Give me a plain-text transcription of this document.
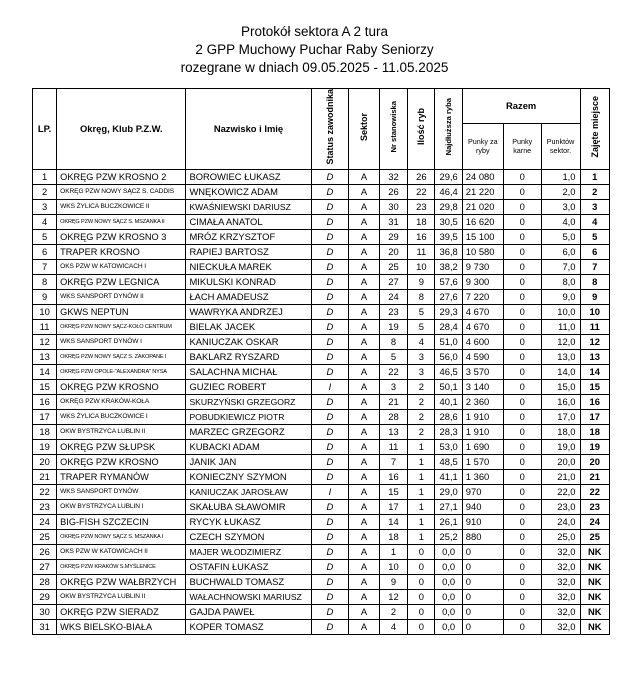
Protokół sektora A 2 tura
2 GPP Muchowy Puchar Raby Seniorzy
rozegrane w dniach 09.05.2025 - 11.05.2025
LP.	Okręg, Klub P.Z.W.	Nazwisko i Imię	Status zawodnika	Sektor	Nr stanowiska	Ilość ryb	Najdłuższa ryba	Razem			Zajęte miejsce
								Punky za ryby	Punky karne	Punktów sektor.	
1	OKRĘG PZW KROSNO 2	BOROWIEC ŁUKASZ	D	A	32	26	29,6	24 080	0	1,0	1
2	OKRĘG PZW NOWY SĄCZ S. CADDIS	WNĘKOWICZ ADAM	D	A	26	22	46,4	21 220	0	2,0	2
3	WKS ŻYLICA BUCZKOWICE II	KWAŚNIEWSKI DARIUSZ	D	A	30	23	29,8	21 020	0	3,0	3
4	OKRĘG PZW NOWY SĄCZ S. MSZANKA II	CIMAŁA ANATOL	D	A	31	18	30,5	16 620	0	4,0	4
5	OKRĘG PZW KROSNO 3	MRÓZ KRZYSZTOF	D	A	29	16	39,5	15 100	0	5,0	5
6	TRAPER KROSNO	RAPIEJ BARTOSZ	D	A	20	11	36,8	10 580	0	6,0	6
7	OKS PZW W KATOWICACH I	NIECKUŁA MAREK	D	A	25	10	38,2	9 730	0	7,0	7
8	OKRĘG PZW LEGNICA	MIKULSKI KONRAD	D	A	27	9	57,6	9 300	0	8,0	8
9	WKS SANSPORT DYNÓW II	ŁACH AMADEUSZ	D	A	24	8	27,6	7 220	0	9,0	9
10	GKWS NEPTUN	WAWRYKA ANDRZEJ	D	A	23	5	29,3	4 670	0	10,0	10
11	OKRĘG PZW NOWY SĄCZ-KOŁO CENTRUM	BIELAK JACEK	D	A	19	5	28,4	4 670	0	11,0	11
12	WKS SANSPORT DYNÓW I	KANIUCZAK OSKAR	D	A	8	4	51,0	4 600	0	12,0	12
13	OKRĘG PZW NOWY SĄCZ S. ZAKOPANE I	BAKLARZ RYSZARD	D	A	5	3	56,0	4 590	0	13,0	13
14	OKRĘG PZW OPOLE-"ALEXANDRA" NYSA	SALACHNA MICHAŁ	D	A	22	3	46,5	3 570	0	14,0	14
15	OKRĘG PZW KROSNO	GUZIEC ROBERT	I	A	3	2	50,1	3 140	0	15,0	15
16	OKRĘG PZW KRAKÓW-KOŁA	SKURZYŃSKI GRZEGORZ	D	A	21	2	40,1	2 360	0	16,0	16
17	WKS ŻYLICA BUCZKOWICE I	POBUDKIEWICZ PIOTR	D	A	28	2	28,6	1 910	0	17,0	17
18	OKW BYSTRZYCA LUBLIN II	MARZEC GRZEGORZ	D	A	13	2	28,3	1 910	0	18,0	18
19	OKRĘG PZW SŁUPSK	KUBACKI ADAM	D	A	11	1	53,0	1 690	0	19,0	19
20	OKRĘG PZW KROSNO	JANIK JAN	D	A	7	1	48,5	1 570	0	20,0	20
21	TRAPER RYMANÓW	KONIECZNY SZYMON	D	A	16	1	41,1	1 360	0	21,0	21
22	WKS SANSPORT DYNÓW	KANIUCZAK JAROSŁAW	I	A	15	1	29,0	970	0	22,0	22
23	OKW BYSTRZYCA LUBLIN I	SKAŁUBA SŁAWOMIR	D	A	17	1	27,1	940	0	23,0	23
24	BIG-FISH SZCZECIN	RYCYK ŁUKASZ	D	A	14	1	26,1	910	0	24,0	24
25	OKRĘG PZW NOWY SĄCZ S. MSZANKA I	CZECH SZYMON	D	A	18	1	25,2	880	0	25,0	25
26	OKS PZW W KATOWICACH II	MAJER WŁODZIMIERZ	D	A	1	0	0,0	0	0	32,0	NK
27	OKRĘG PZW KRAKÓW S.MYŚLENICE	OSTAFIN ŁUKASZ	D	A	10	0	0,0	0	0	32,0	NK
28	OKRĘG PZW WAŁBRZYCH	BUCHWALD TOMASZ	D	A	9	0	0,0	0	0	32,0	NK
29	OKW BYSTRZYCA LUBLIN II	WAŁACHNOWSKI MARIUSZ	D	A	12	0	0,0	0	0	32,0	NK
30	OKRĘG PZW SIERADZ	GAJDA PAWEŁ	D	A	2	0	0,0	0	0	32,0	NK
31	WKS BIELSKO-BIAŁA	KOPER TOMASZ	D	A	4	0	0,0	0	0	32,0	NK
